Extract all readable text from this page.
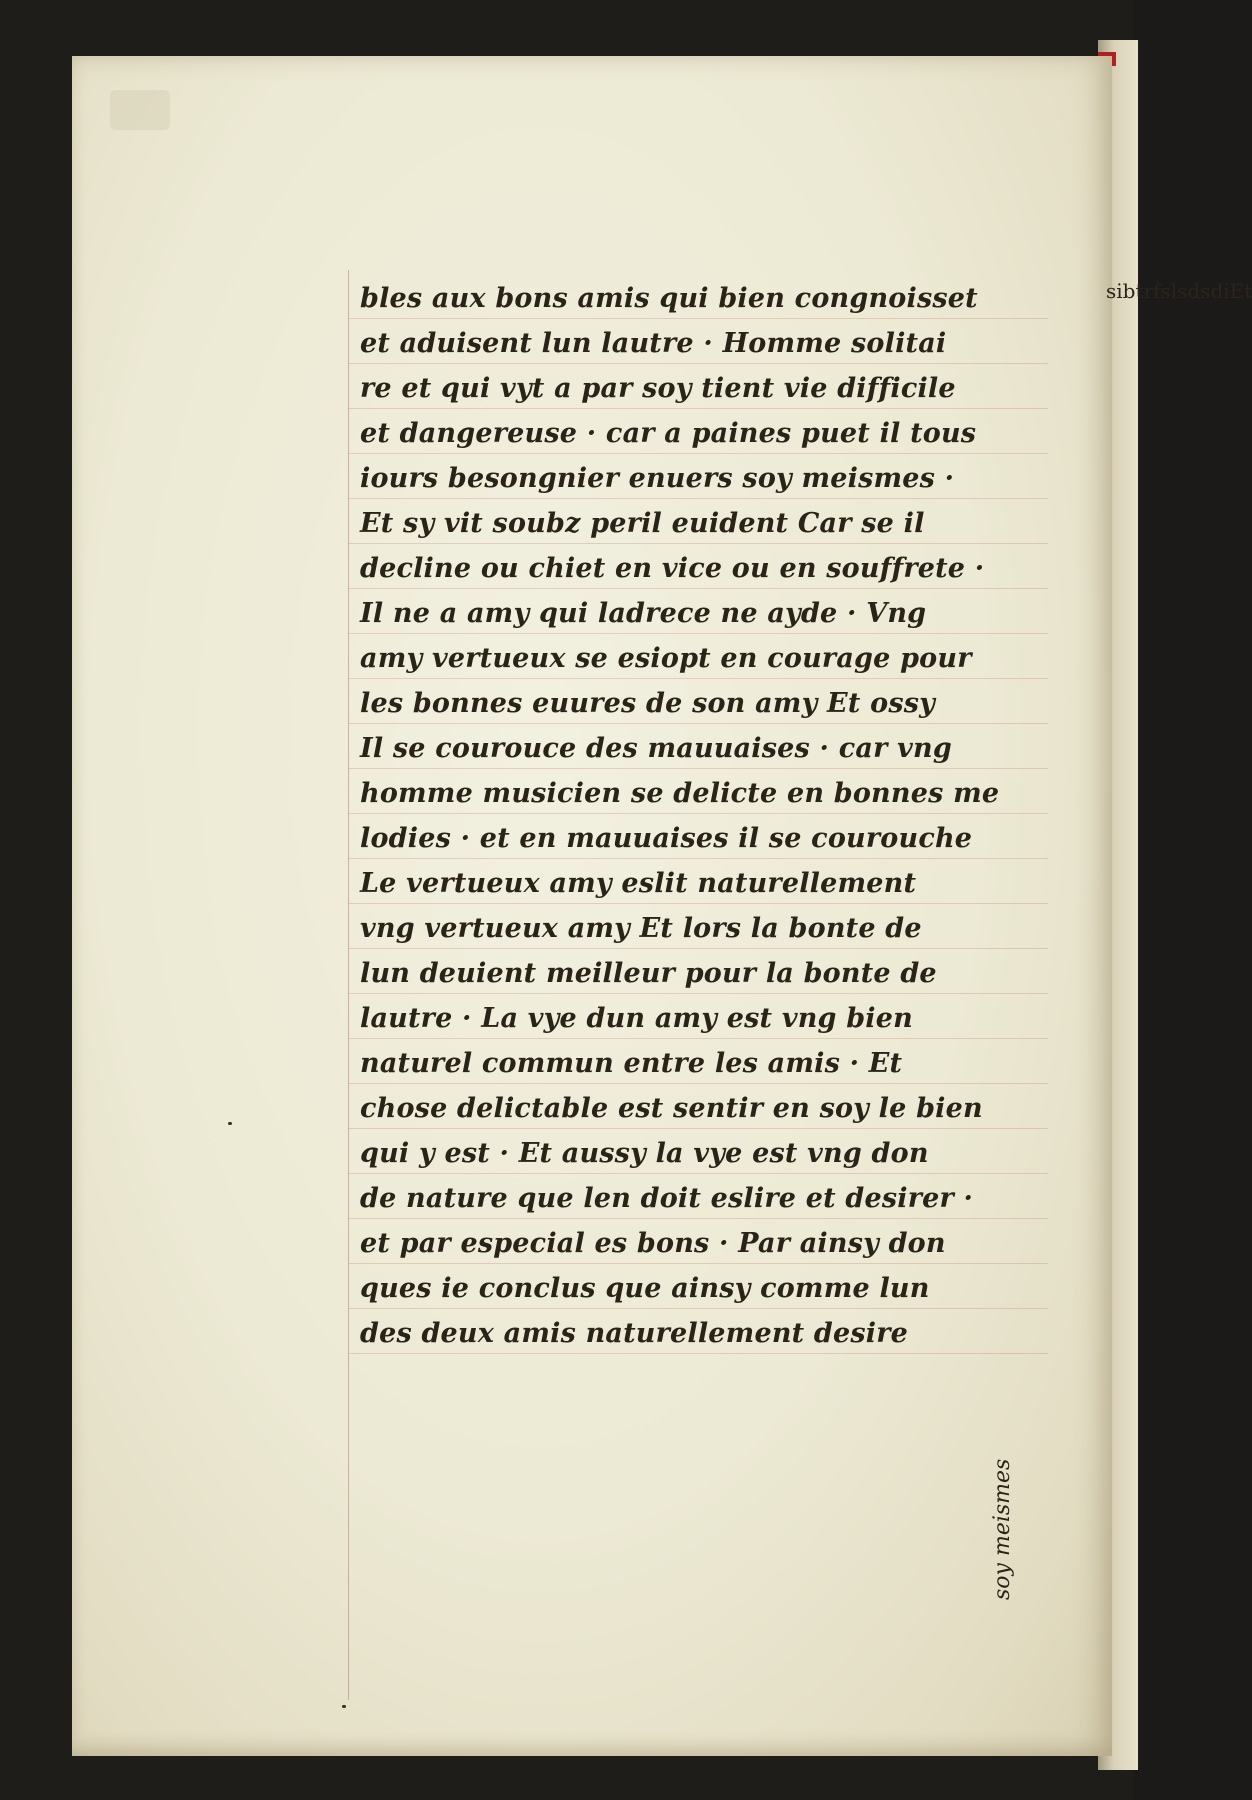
bles aux bons amis qui bien congnoisset
et aduisent lun lautre · Homme solitai
re et qui vyt a par soy tient vie difficile
et dangereuse · car a paines puet il tous
iours besongnier enuers soy meismes ·
Et sy vit soubz peril euident Car se il
decline ou chiet en vice ou en souffrete ·
Il ne a amy qui ladrece ne ayde · Vng
amy vertueux se esiopt en courage pour
les bonnes euures de son amy Et ossy
Il se courouce des mauuaises · car vng
homme musicien se delicte en bonnes me
lodies · et en mauuaises il se courouche
Le vertueux amy eslit naturellement
vng vertueux amy Et lors la bonte de
lun deuient meilleur pour la bonte de
lautre · La vye dun amy est vng bien
naturel commun entre les amis · Et
chose delictable est sentir en soy le bien
qui y est · Et aussy la vye est vng don
de nature que len doit eslire et desirer ·
et par especial es bons · Par ainsy don
ques ie conclus que ainsy comme lun
des deux amis naturellement desire
soy meismes
sibtrfslsdsdiEt
